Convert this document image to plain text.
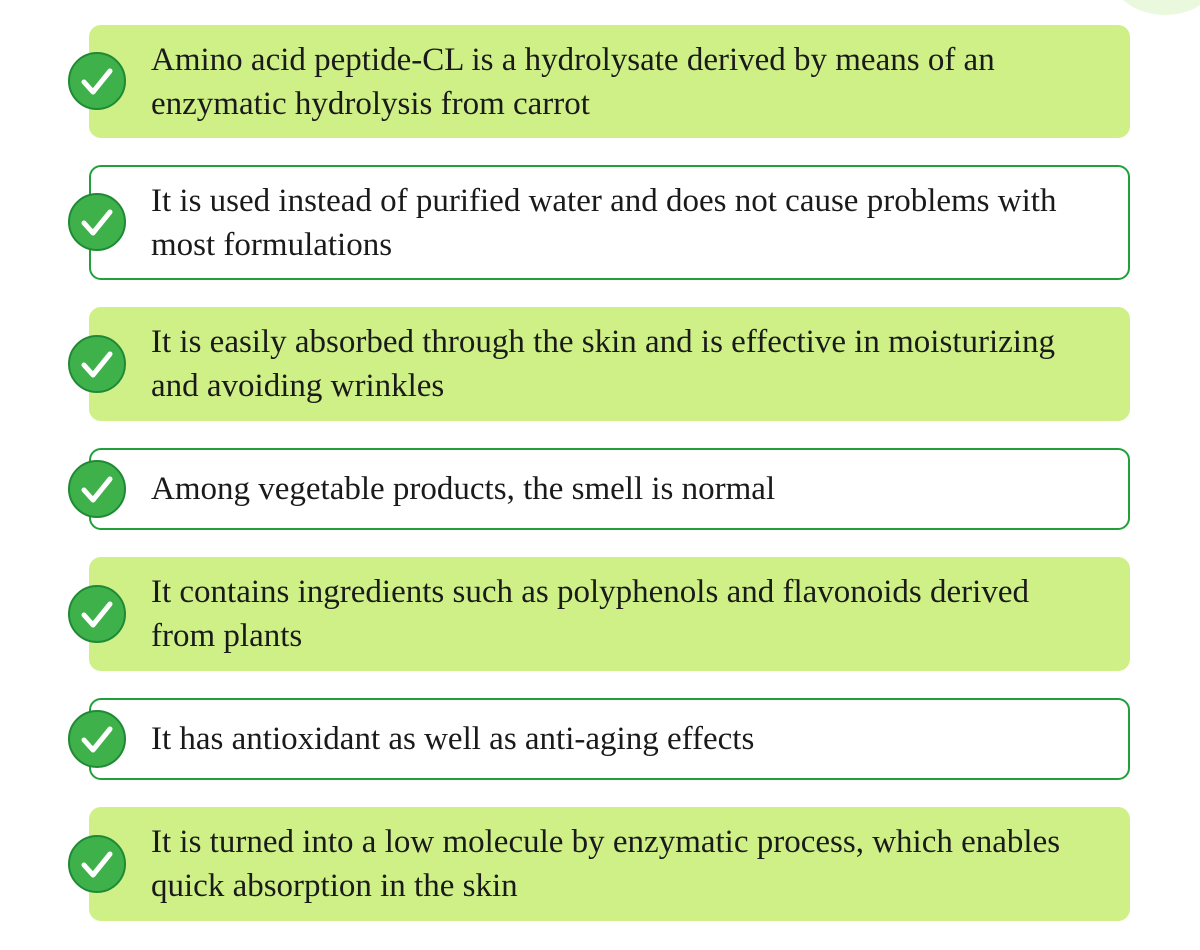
Amino acid peptide-CL is a hydrolysate derived by means of an enzymatic hydrolysis from carrot

It is used instead of purified water and does not cause problems with most formulations

It is easily absorbed through the skin and is effective in moisturizing and avoiding wrinkles

Among vegetable products, the smell is normal

It contains ingredients such as polyphenols and flavonoids derived from plants

It has antioxidant as well as anti-aging effects

It is turned into a low molecule by enzymatic process, which enables quick absorption in the skin
